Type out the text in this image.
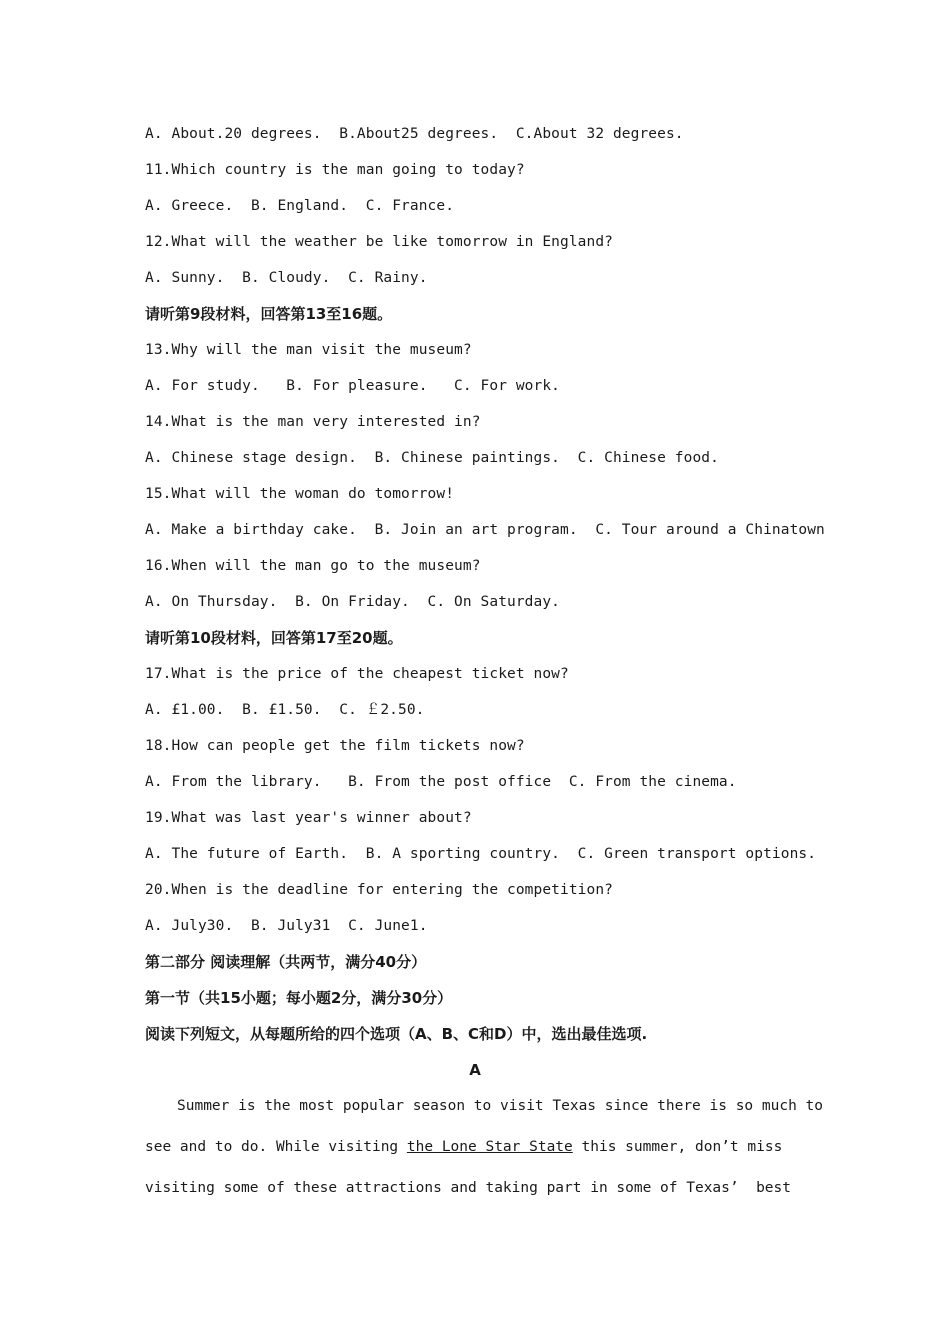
A. About.20 degrees.  B.About25 degrees.  C.About 32 degrees.
11.Which country is the man going to today?
A. Greece.  B. England.  C. France.
12.What will the weather be like tomorrow in England?
A. Sunny.  B. Cloudy.  C. Rainy.
请听第9段材料，回答第13至16题。
13.Why will the man visit the museum?
A. For study.   B. For pleasure.   C. For work.
14.What is the man very interested in?
A. Chinese stage design.  B. Chinese paintings.  C. Chinese food.
15.What will the woman do tomorrow!
A. Make a birthday cake.  B. Join an art program.  C. Tour around a Chinatown
16.When will the man go to the museum?
A. On Thursday.  B. On Friday.  C. On Saturday.
请听第10段材料，回答第17至20题。
17.What is the price of the cheapest ticket now?
A. £1.00.  B. £1.50.  C. ￡2.50.
18.How can people get the film tickets now?
A. From the library.   B. From the post office  C. From the cinema.
19.What was last year's winner about?
A. The future of Earth.  B. A sporting country.  C. Green transport options.
20.When is the deadline for entering the competition?
A. July30.  B. July31  C. June1.
第二部分 阅读理解（共两节，满分40分）
第一节（共15小题；每小题2分，满分30分）
阅读下列短文，从每题所给的四个选项（A、B、C和D）中，选出最佳选项.
A
Summer is the most popular season to visit Texas since there is so much to
see and to do. While visiting the Lone Star State this summer, don’t miss
visiting some of these attractions and taking part in some of Texas’  best
